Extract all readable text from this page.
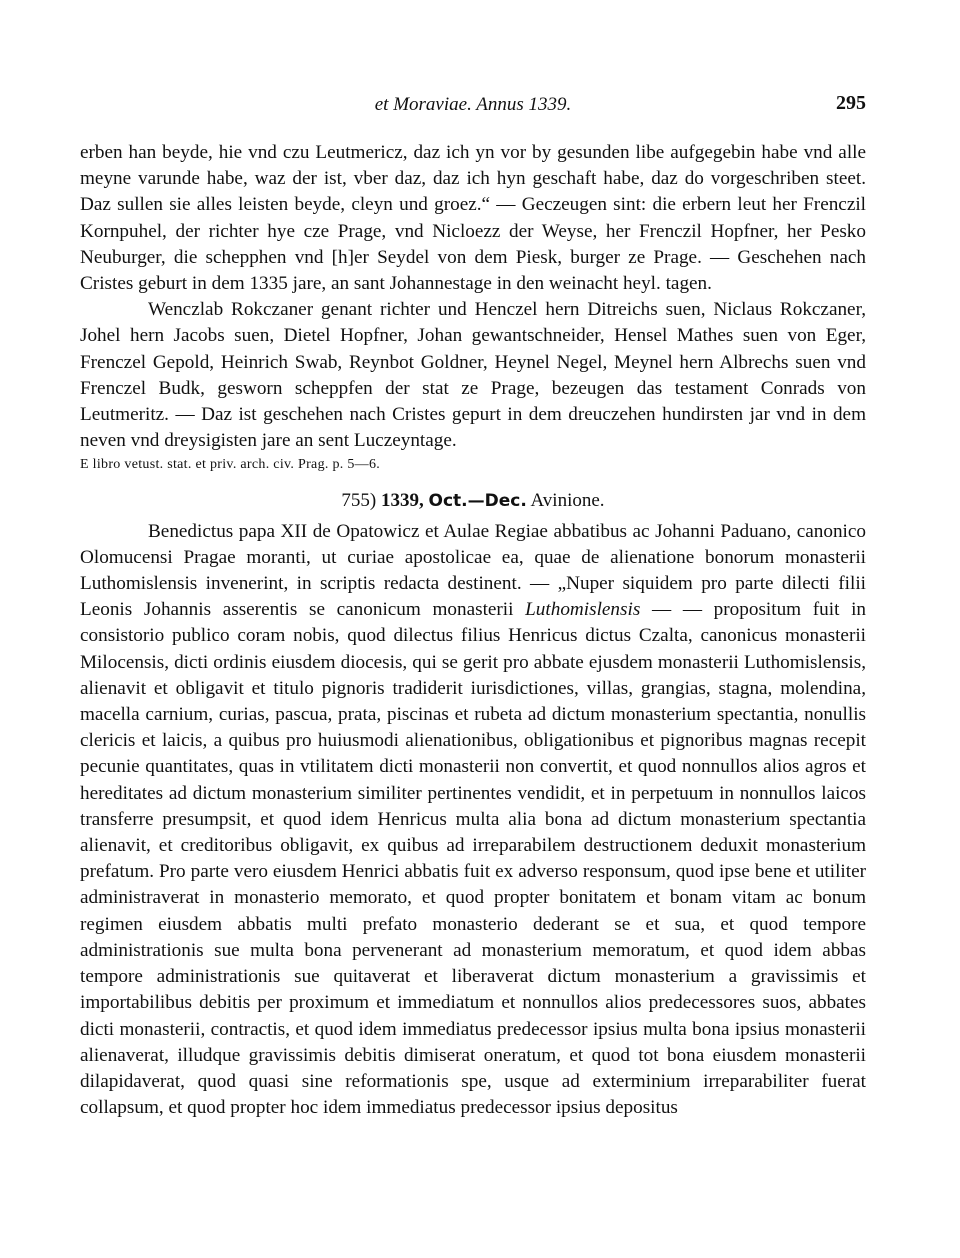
et Moraviae. Annus 1339.	295

erben han beyde, hie vnd czu Leutmericz, daz ich yn vor by gesunden libe aufgegebin habe vnd alle meyne varunde habe, waz der ist, vber daz, daz ich hyn geschaft habe, daz do vorgeschriben steet. Daz sullen sie alles leisten beyde, cleyn und groez.“ — Geczeugen sint: die erbern leut her Frenczil Kornpuhel, der richter hye cze Prage, vnd Nicloezz der Weyse, her Frenczil Hopfner, her Pesko Neuburger, die schepphen vnd [h]er Seydel von dem Piesk, burger ze Prage. — Geschehen nach Cristes geburt in dem 1335 jare, an sant Johannestage in den weinacht heyl. tagen.

Wenczlab Rokczaner genant richter und Henczel hern Ditreichs suen, Niclaus Rokczaner, Johel hern Jacobs suen, Dietel Hopfner, Johan gewantschneider, Hensel Mathes suen von Eger, Frenczel Gepold, Heinrich Swab, Reynbot Goldner, Heynel Negel, Meynel hern Albrechs suen vnd Frenczel Budk, gesworn scheppfen der stat ze Prage, bezeugen das testament Conrads von Leutmeritz. — Daz ist geschehen nach Cristes gepurt in dem dreuczehen hundirsten jar vnd in dem neven vnd dreysigisten jare an sent Luczeyntage.

E libro vetust. stat. et priv. arch. civ. Prag. p. 5—6.

755) 1339, Oct.—Dec. Avinione.

Benedictus papa XII de Opatowicz et Aulae Regiae abbatibus ac Johanni Paduano, canonico Olomucensi Pragae moranti, ut curiae apostolicae ea, quae de alienatione bonorum monasterii Luthomislensis invenerint, in scriptis redacta destinent. — „Nuper siquidem pro parte dilecti filii Leonis Johannis asserentis se canonicum monasterii Luthomislensis — — propositum fuit in consistorio publico coram nobis, quod dilectus filius Henricus dictus Czalta, canonicus monasterii Milocensis, dicti ordinis eiusdem diocesis, qui se gerit pro abbate ejusdem monasterii Luthomislensis, alienavit et obligavit et titulo pignoris tradiderit iurisdictiones, villas, grangias, stagna, molendina, macella carnium, curias, pascua, prata, piscinas et rubeta ad dictum monasterium spectantia, nonullis clericis et laicis, a quibus pro huiusmodi alienationibus, obligationibus et pignoribus magnas recepit pecunie quantitates, quas in vtilitatem dicti monasterii non convertit, et quod nonnullos alios agros et hereditates ad dictum monasterium similiter pertinentes vendidit, et in perpetuum in nonnullos laicos transferre presumpsit, et quod idem Henricus multa alia bona ad dictum monasterium spectantia alienavit, et creditoribus obligavit, ex quibus ad irreparabilem destructionem deduxit monasterium prefatum. Pro parte vero eiusdem Henrici abbatis fuit ex adverso responsum, quod ipse bene et utiliter administraverat in monasterio memorato, et quod propter bonitatem et bonam vitam ac bonum regimen eiusdem abbatis multi prefato monasterio dederant se et sua, et quod tempore administrationis sue multa bona pervenerant ad monasterium memoratum, et quod idem abbas tempore administrationis sue quitaverat et liberaverat dictum monasterium a gravissimis et importabilibus debitis per proximum et immediatum et nonnullos alios predecessores suos, abbates dicti monasterii, contractis, et quod idem immediatus predecessor ipsius multa bona ipsius monasterii alienaverat, illudque gravissimis debitis dimiserat oneratum, et quod tot bona eiusdem monasterii dilapidaverat, quod quasi sine reformationis spe, usque ad exterminium irreparabiliter fuerat collapsum, et quod propter hoc idem immediatus predecessor ipsius depositus
